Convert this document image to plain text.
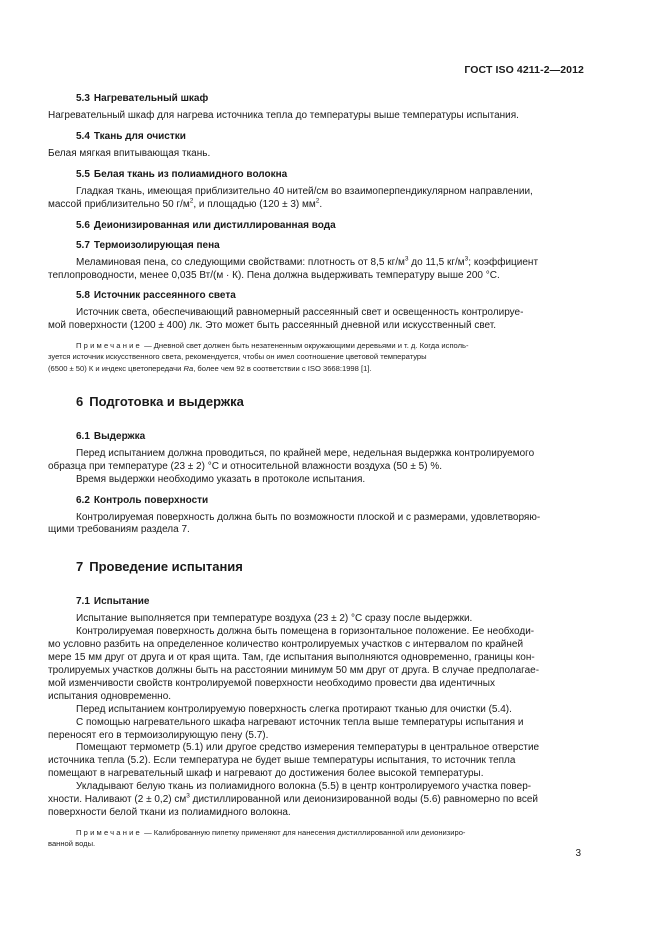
ГОСТ ISO 4211-2—2012

5.3 Нагревательный шкаф

Нагревательный шкаф для нагрева источника тепла до температуры выше температуры испытания.

5.4 Ткань для очистки

Белая мягкая впитывающая ткань.

5.5 Белая ткань из полиамидного волокна

Гладкая ткань, имеющая приблизительно 40 нитей/см во взаимоперпендикулярном направлении,

массой приблизительно 50 $г/м^2$, и площадью (120 ± 3) $мм^2$.

5.6 Деионизированная или дистиллированная вода

5.7 Термоизолирующая пена

Меламиновая пена, со следующими свойствами: плотность от 8,5 $кг/м^3$ до 11,5 $кг/м^3$; коэффициент

теплопроводности, менее 0,035 Вт/(м · К). Пена должна выдерживать температуру выше 200 °С.

5.8 Источник рассеянного света

Источник света, обеспечивающий равномерный рассеянный свет и освещенность контролируе-

мой поверхности (1200 ± 400) лк. Это может быть рассеянный дневной или искусственный свет.

Примечание — Дневной свет должен быть незатененным окружающими деревьями и т. д. Когда исполь-

зуется источник искусственного света, рекомендуется, чтобы он имел соотношение цветовой температуры

(6500 ± 50) К и индекс цветопередачи Ra, более чем 92 в соответствии с ISO 3668:1998 [1].

6 Подготовка и выдержка

6.1 Выдержка

Перед испытанием должна проводиться, по крайней мере, недельная выдержка контролируемого

образца при температуре (23 ± 2) °С и относительной влажности воздуха (50 ± 5) %.

Время выдержки необходимо указать в протоколе испытания.

6.2 Контроль поверхности

Контролируемая поверхность должна быть по возможности плоской и с размерами, удовлетворяю-

щими требованиям раздела 7.

7 Проведение испытания

7.1 Испытание

Испытание выполняется при температуре воздуха (23 ± 2) °С сразу после выдержки.

Контролируемая поверхность должна быть помещена в горизонтальное положение. Ее необходи-

мо условно разбить на определенное количество контролируемых участков с интервалом по крайней

мере 15 мм друг от друга и от края щита. Там, где испытания выполняются одновременно, границы кон-

тролируемых участков должны быть на расстоянии минимум 50 мм друг от друга. В случае предполагае-

мой изменчивости свойств контролируемой поверхности необходимо провести два идентичных

испытания одновременно.

Перед испытанием контролируемую поверхность слегка протирают тканью для очистки (5.4).

С помощью нагревательного шкафа нагревают источник тепла выше температуры испытания и

переносят его в термоизолирующую пену (5.7).

Помещают термометр (5.1) или другое средство измерения температуры в центральное отверстие

источника тепла (5.2). Если температура не будет выше температуры испытания, то источник тепла

помещают в нагревательный шкаф и нагревают до достижения более высокой температуры.

Укладывают белую ткань из полиамидного волокна (5.5) в центр контролируемого участка повер-

хности. Наливают (2 ± 0,2) $см^3$ дистиллированной или деионизированной воды (5.6) равномерно по всей

поверхности белой ткани из полиамидного волокна.

Примечание — Калиброванную пипетку применяют для нанесения дистиллированной или деионизиро-

ванной воды.

3
